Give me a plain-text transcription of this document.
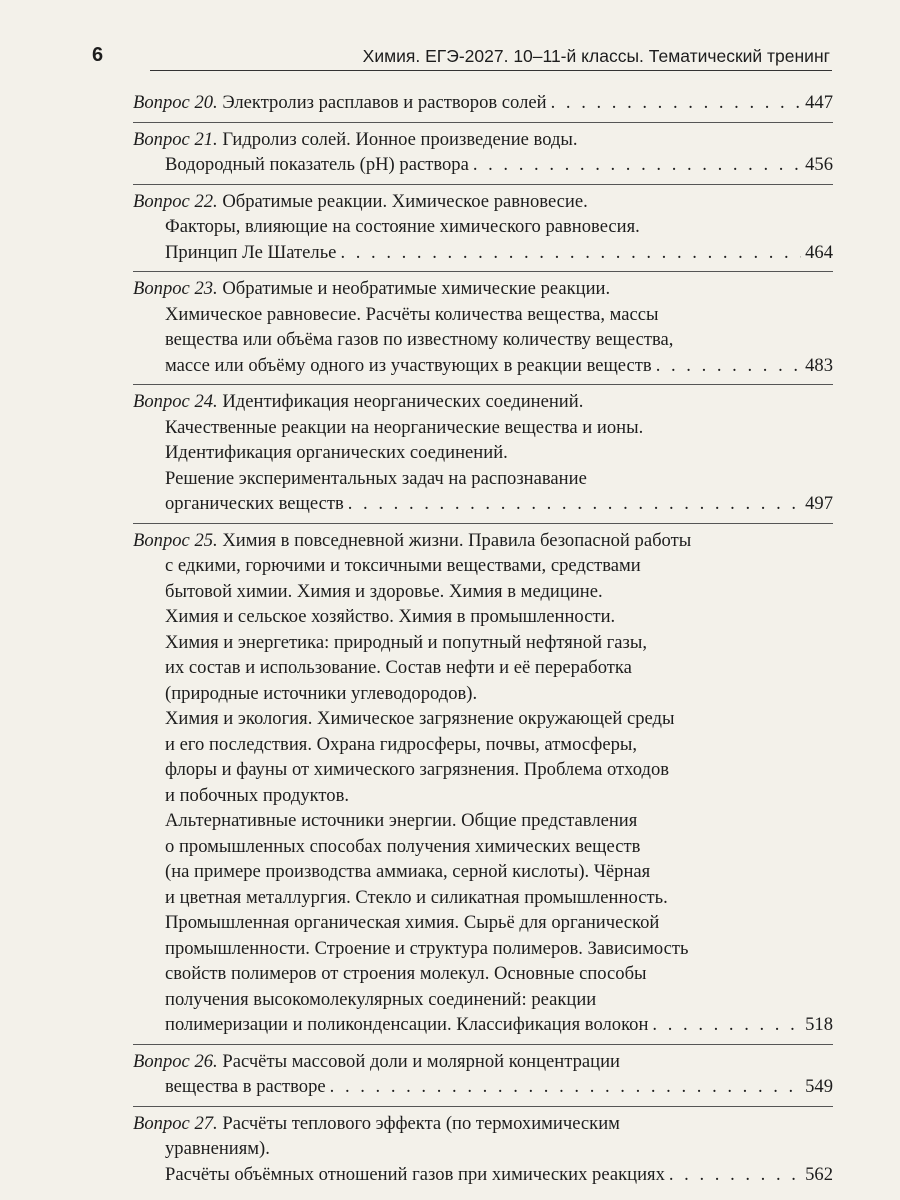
6	Химия. ЕГЭ-2027. 10–11-й классы. Тематический тренинг
Вопрос 20. Электролиз расплавов и растворов солей . . .	447
Вопрос 21. Гидролиз солей. Ионное произведение воды.
Водородный показатель (pH) раствора . . .	456
Вопрос 22. Обратимые реакции. Химическое равновесие.
Факторы, влияющие на состояние химического равновесия.
Принцип Ле Шателье . . .	464
Вопрос 23. Обратимые и необратимые химические реакции.
Химическое равновесие. Расчёты количества вещества, массы
вещества или объёма газов по известному количеству вещества,
массе или объёму одного из участвующих в реакции веществ . . .	483
Вопрос 24. Идентификация неорганических соединений.
Качественные реакции на неорганические вещества и ионы.
Идентификация органических соединений.
Решение экспериментальных задач на распознавание
органических веществ . . .	497
Вопрос 25. Химия в повседневной жизни. Правила безопасной работы
с едкими, горючими и токсичными веществами, средствами
бытовой химии. Химия и здоровье. Химия в медицине.
Химия и сельское хозяйство. Химия в промышленности.
Химия и энергетика: природный и попутный нефтяной газы,
их состав и использование. Состав нефти и её переработка
(природные источники углеводородов).
Химия и экология. Химическое загрязнение окружающей среды
и его последствия. Охрана гидросферы, почвы, атмосферы,
флоры и фауны от химического загрязнения. Проблема отходов
и побочных продуктов.
Альтернативные источники энергии. Общие представления
о промышленных способах получения химических веществ
(на примере производства аммиака, серной кислоты). Чёрная
и цветная металлургия. Стекло и силикатная промышленность.
Промышленная органическая химия. Сырьё для органической
промышленности. Строение и структура полимеров. Зависимость
свойств полимеров от строения молекул. Основные способы
получения высокомолекулярных соединений: реакции
полимеризации и поликонденсации. Классификация волокон . . .	518
Вопрос 26. Расчёты массовой доли и молярной концентрации
вещества в растворе . . .	549
Вопрос 27. Расчёты теплового эффекта (по термохимическим
уравнениям).
Расчёты объёмных отношений газов при химических реакциях . . .	562
